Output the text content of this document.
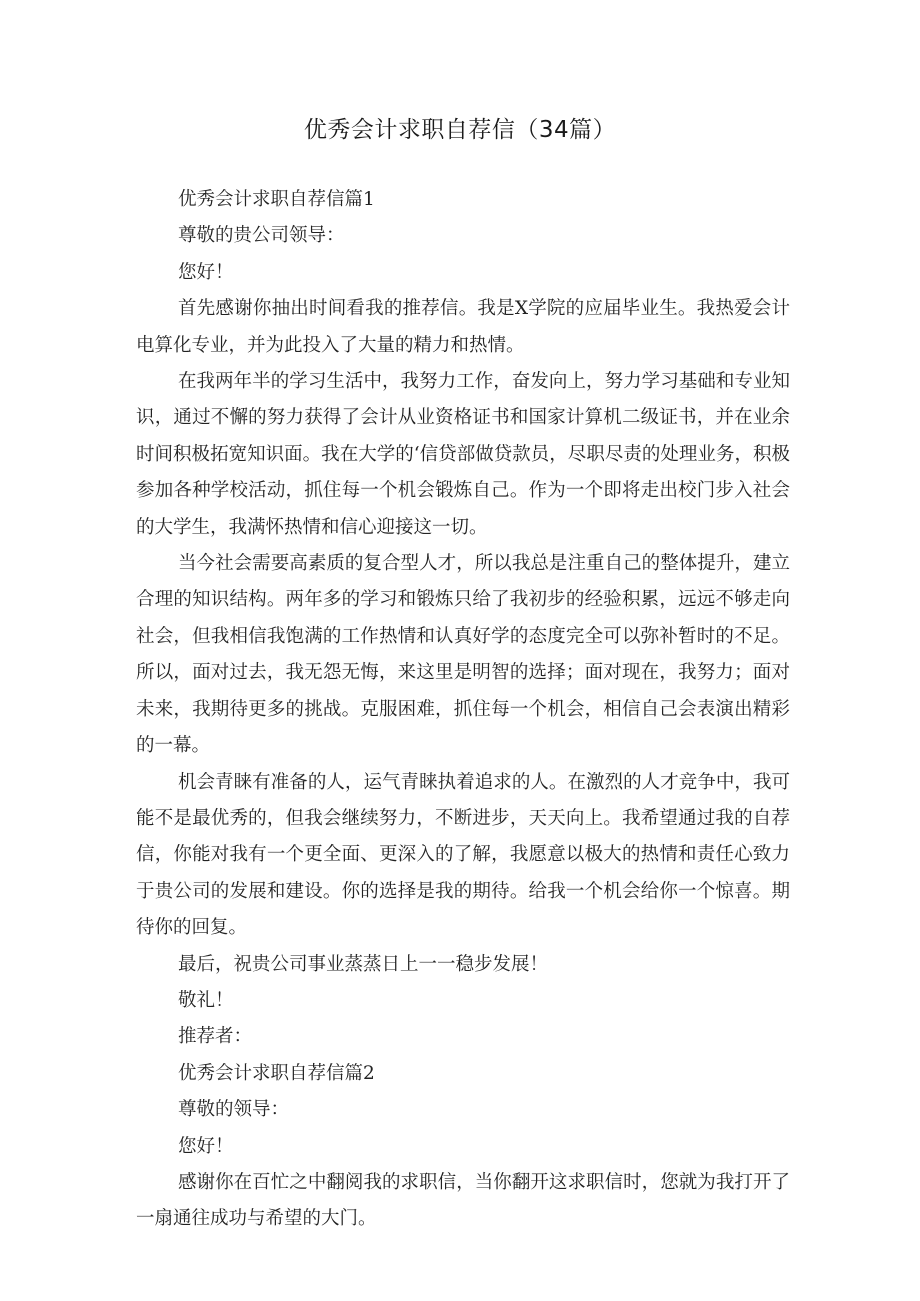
优秀会计求职自荐信（34篇）

优秀会计求职自荐信篇1

尊敬的贵公司领导：

您好！

首先感谢你抽出时间看我的推荐信。我是X学院的应届毕业生。我热爱会计电算化专业，并为此投入了大量的精力和热情。

在我两年半的学习生活中，我努力工作，奋发向上，努力学习基础和专业知识，通过不懈的努力获得了会计从业资格证书和国家计算机二级证书，并在业余时间积极拓宽知识面。我在大学的‘信贷部做贷款员，尽职尽责的处理业务，积极参加各种学校活动，抓住每一个机会锻炼自己。作为一个即将走出校门步入社会的大学生，我满怀热情和信心迎接这一切。

当今社会需要高素质的复合型人才，所以我总是注重自己的整体提升，建立合理的知识结构。两年多的学习和锻炼只给了我初步的经验积累，远远不够走向社会，但我相信我饱满的工作热情和认真好学的态度完全可以弥补暂时的不足。所以，面对过去，我无怨无悔，来这里是明智的选择；面对现在，我努力；面对未来，我期待更多的挑战。克服困难，抓住每一个机会，相信自己会表演出精彩的一幕。

机会青睐有准备的人，运气青睐执着追求的人。在激烈的人才竞争中，我可能不是最优秀的，但我会继续努力，不断进步，天天向上。我希望通过我的自荐信，你能对我有一个更全面、更深入的了解，我愿意以极大的热情和责任心致力于贵公司的发展和建设。你的选择是我的期待。给我一个机会给你一个惊喜。期待你的回复。

最后，祝贵公司事业蒸蒸日上一一稳步发展！

敬礼！

推荐者：

优秀会计求职自荐信篇2

尊敬的领导：

您好！

感谢你在百忙之中翻阅我的求职信，当你翻开这求职信时，您就为我打开了一扇通往成功与希望的大门。
